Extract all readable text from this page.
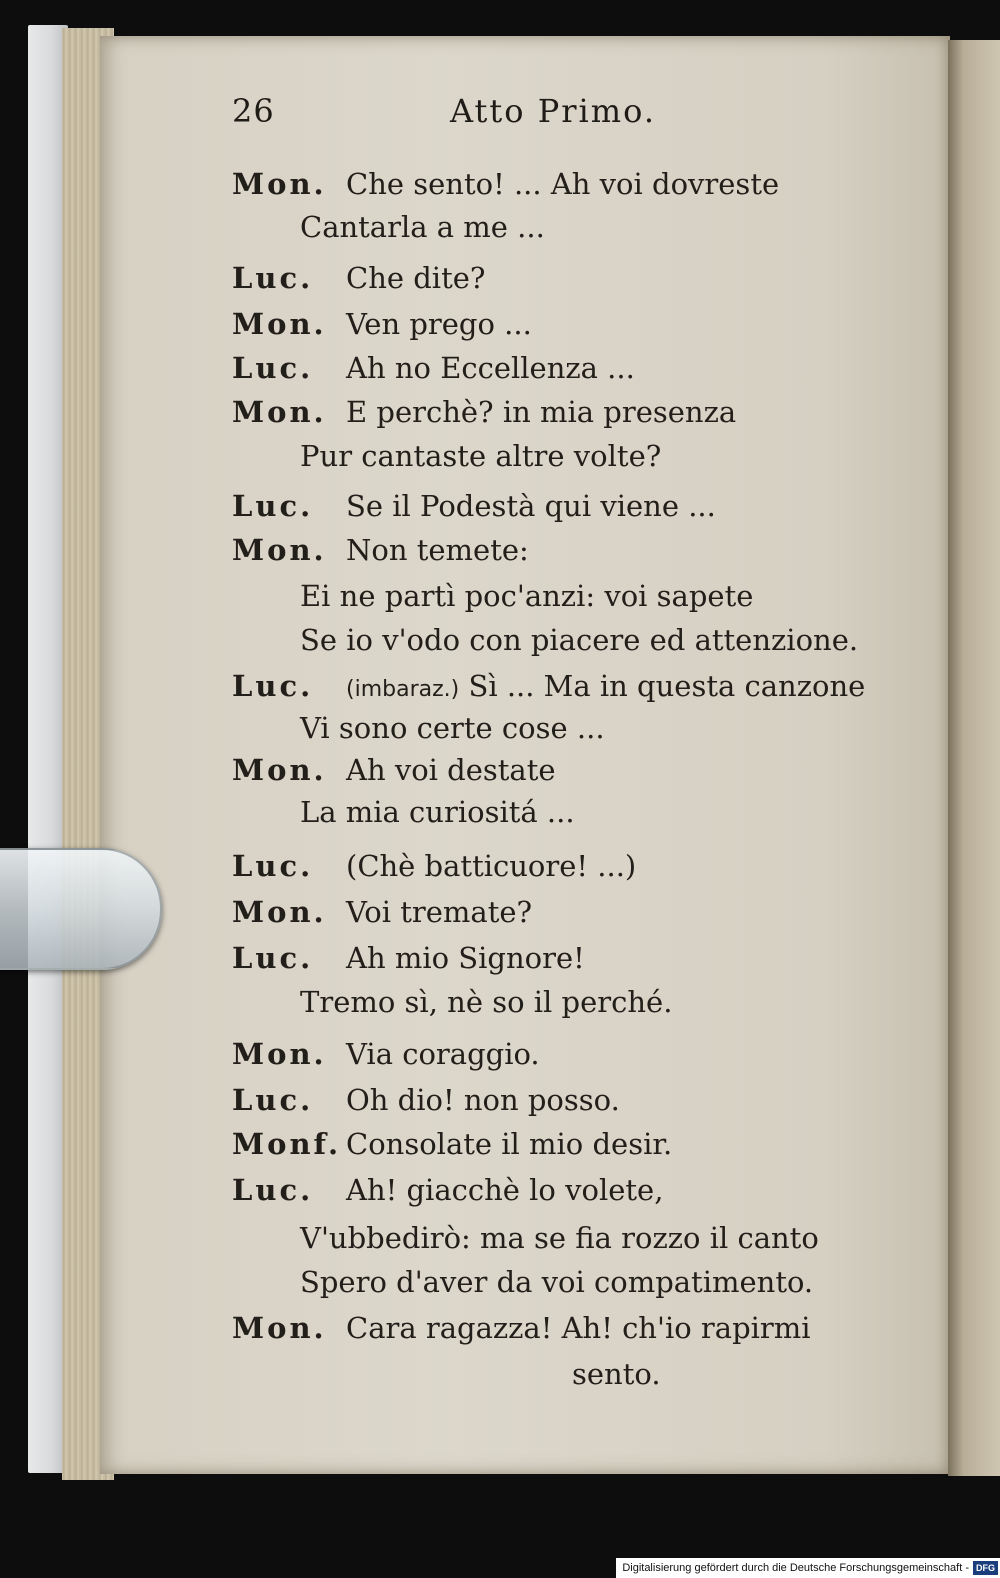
26	Atto Primo.
Mon. Che sento! ... Ah voi dovreste
Cantarla a me ...
Luc. Che dite?
Mon. Ven prego ...
Luc. Ah no Eccellenza ...
Mon. E perchè? in mia presenza
Pur cantaste altre volte?
Luc. Se il Podestà qui viene ...
Mon. Non temete:
Ei ne partì poc'anzi: voi sapete
Se io v'odo con piacere ed attenzione.
Luc. (imbaraz.) Sì ... Ma in questa canzone
Vi sono certe cose ...
Mon. Ah voi destate
La mia curiositá ...
Luc. (Chè batticuore! ...)
Mon. Voi tremate?
Luc. Ah mio Signore!
Tremo sì, nè so il perché.
Mon. Via coraggio.
Luc. Oh dio! non posso.
Monf. Consolate il mio desir.
Luc. Ah! giacchè lo volete,
V'ubbedirò: ma se fia rozzo il canto
Spero d'aver da voi compatimento.
Mon. Cara ragazza! Ah! ch'io rapirmi
sento.
Digitalisierung gefördert durch die Deutsche Forschungsgemeinschaft - DFG
